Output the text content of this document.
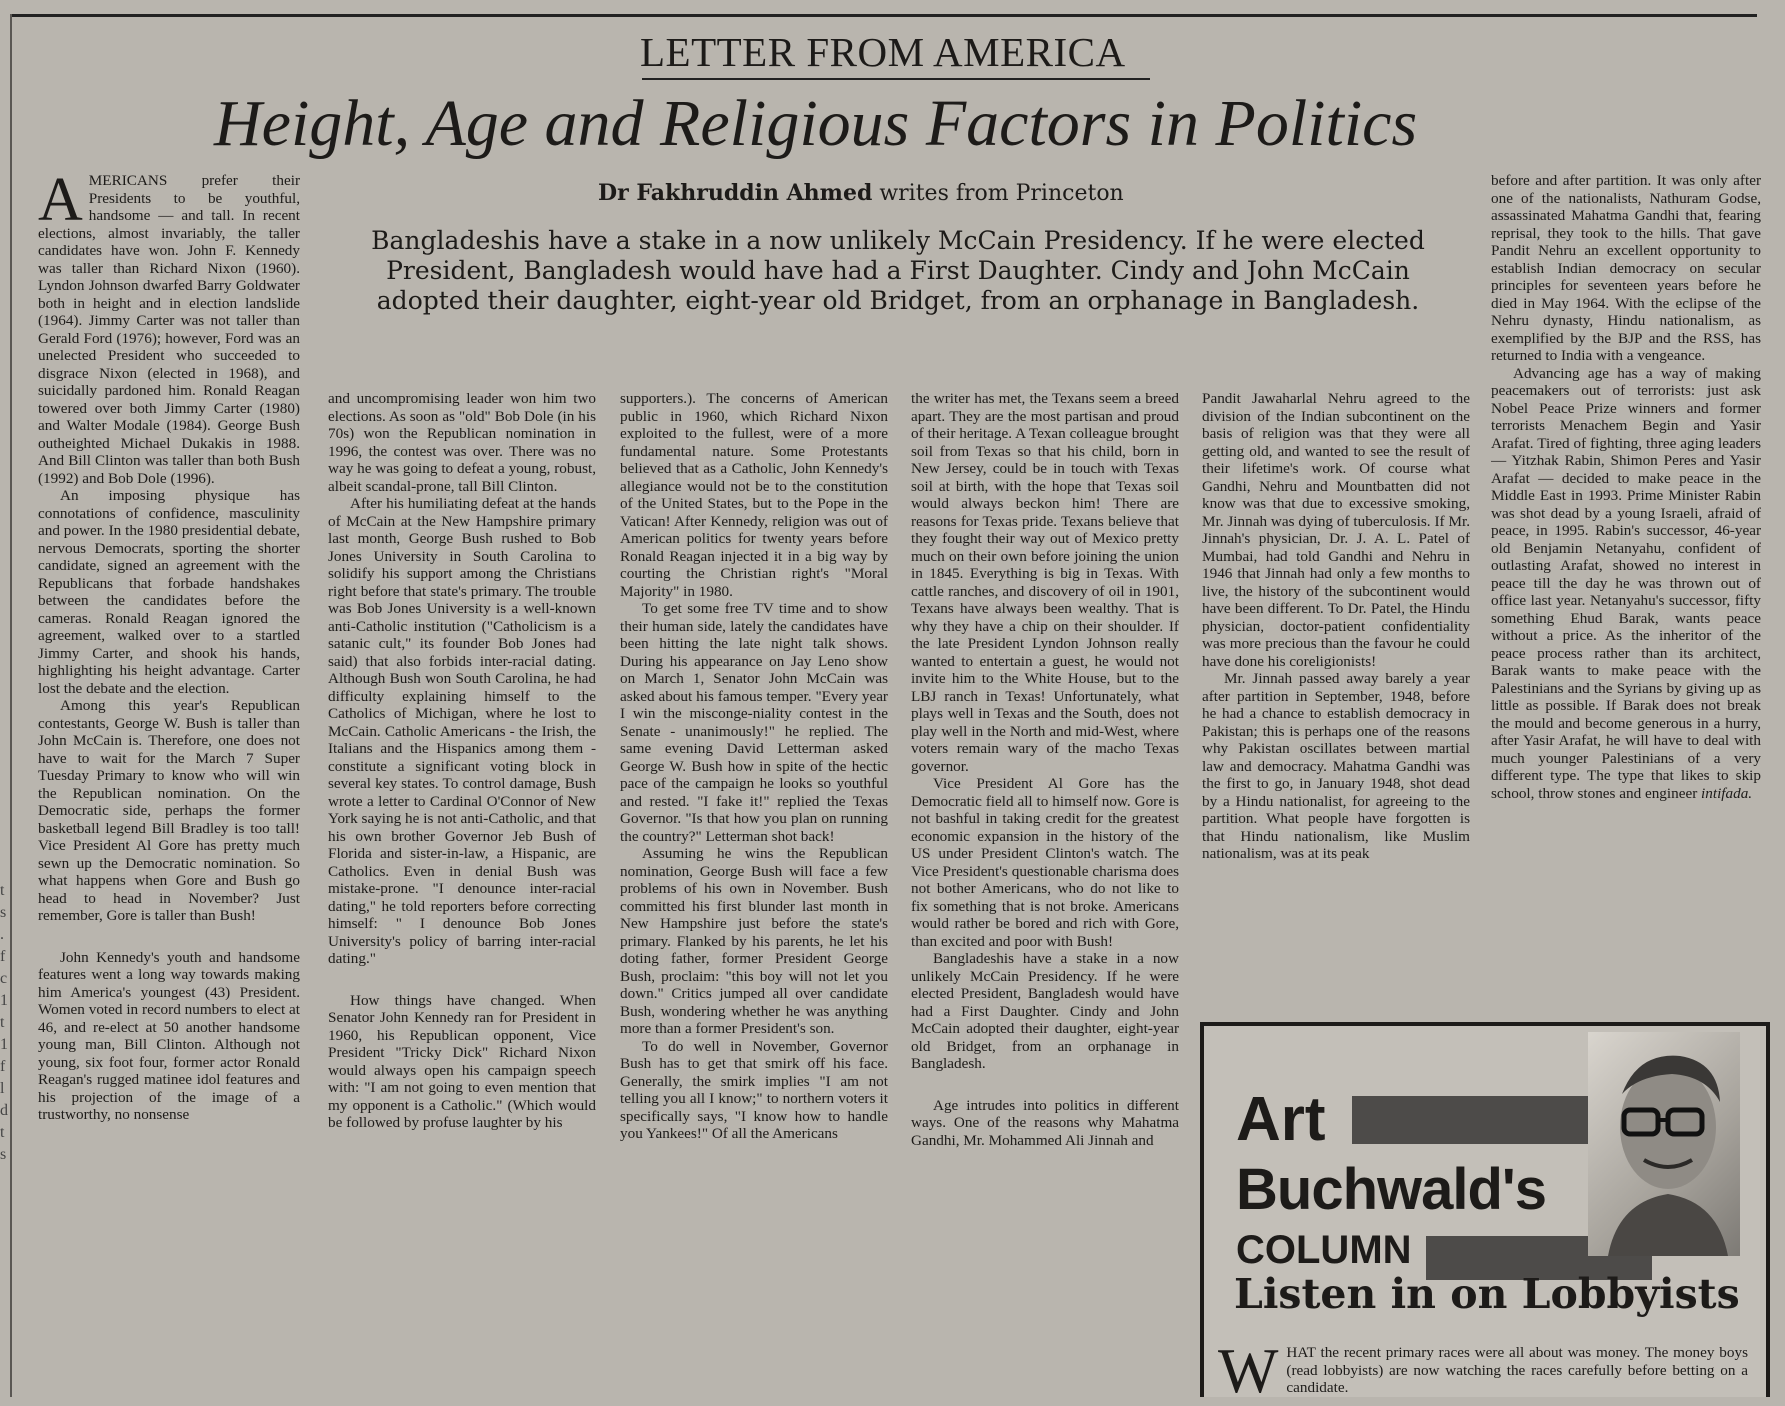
t
s
.
f
c
1
t
1
f
l
d
t
s
LETTER FROM AMERICA
Height, Age and Religious Factors in Politics
Dr Fakhruddin Ahmed writes from Princeton
Bangladeshis have a stake in a now unlikely McCain Presidency. If he were elected President, Bangladesh would have had a First Daughter. Cindy and John McCain adopted their daughter, eight-year old Bridget, from an orphanage in Bangladesh.

AMERICANS prefer their Presidents to be youthful, handsome — and tall. In recent elections, almost invariably, the taller candidates have won. John F. Kennedy was taller than Richard Nixon (1960). Lyndon Johnson dwarfed Barry Goldwater both in height and in election landslide (1964). Jimmy Carter was not taller than Gerald Ford (1976); however, Ford was an unelected President who succeeded to disgrace Nixon (elected in 1968), and suicidally pardoned him. Ronald Reagan towered over both Jimmy Carter (1980) and Walter Modale (1984). George Bush outheighted Michael Dukakis in 1988. And Bill Clinton was taller than both Bush (1992) and Bob Dole (1996).

An imposing physique has connotations of confidence, masculinity and power. In the 1980 presidential debate, nervous Democrats, sporting the shorter candidate, signed an agreement with the Republicans that forbade handshakes between the candidates before the cameras. Ronald Reagan ignored the agreement, walked over to a startled Jimmy Carter, and shook his hands, highlighting his height advantage. Carter lost the debate and the election.

Among this year's Republican contestants, George W. Bush is taller than John McCain is. Therefore, one does not have to wait for the March 7 Super Tuesday Primary to know who will win the Republican nomination. On the Democratic side, perhaps the former basketball legend Bill Bradley is too tall! Vice President Al Gore has pretty much sewn up the Democratic nomination. So what happens when Gore and Bush go head to head in November? Just remember, Gore is taller than Bush!

John Kennedy's youth and handsome features went a long way towards making him America's youngest (43) President. Women voted in record numbers to elect at 46, and re-elect at 50 another handsome young man, Bill Clinton. Although not young, six foot four, former actor Ronald Reagan's rugged matinee idol features and his projection of the image of a trustworthy, no nonsense

and uncompromising leader won him two elections. As soon as "old" Bob Dole (in his 70s) won the Republican nomination in 1996, the contest was over. There was no way he was going to defeat a young, robust, albeit scandal-prone, tall Bill Clinton.

After his humiliating defeat at the hands of McCain at the New Hampshire primary last month, George Bush rushed to Bob Jones University in South Carolina to solidify his support among the Christians right before that state's primary. The trouble was Bob Jones University is a well-known anti-Catholic institution ("Catholicism is a satanic cult," its founder Bob Jones had said) that also forbids inter-racial dating. Although Bush won South Carolina, he had difficulty explaining himself to the Catholics of Michigan, where he lost to McCain. Catholic Americans - the Irish, the Italians and the Hispanics among them - constitute a significant voting block in several key states. To control damage, Bush wrote a letter to Cardinal O'Connor of New York saying he is not anti-Catholic, and that his own brother Governor Jeb Bush of Florida and sister-in-law, a Hispanic, are Catholics. Even in denial Bush was mistake-prone. "I denounce inter-racial dating," he told reporters before correcting himself: " I denounce Bob Jones University's policy of barring inter-racial dating."

How things have changed. When Senator John Kennedy ran for President in 1960, his Republican opponent, Vice President "Tricky Dick" Richard Nixon would always open his campaign speech with: "I am not going to even mention that my opponent is a Catholic." (Which would be followed by profuse laughter by his

supporters.). The concerns of American public in 1960, which Richard Nixon exploited to the fullest, were of a more fundamental nature. Some Protestants believed that as a Catholic, John Kennedy's allegiance would not be to the constitution of the United States, but to the Pope in the Vatican! After Kennedy, religion was out of American politics for twenty years before Ronald Reagan injected it in a big way by courting the Christian right's "Moral Majority" in 1980.

To get some free TV time and to show their human side, lately the candidates have been hitting the late night talk shows. During his appearance on Jay Leno show on March 1, Senator John McCain was asked about his famous temper. "Every year I win the misconge-niality contest in the Senate - unanimously!" he replied. The same evening David Letterman asked George W. Bush how in spite of the hectic pace of the campaign he looks so youthful and rested. "I fake it!" replied the Texas Governor. "Is that how you plan on running the country?" Letterman shot back!

Assuming he wins the Republican nomination, George Bush will face a few problems of his own in November. Bush committed his first blunder last month in New Hampshire just before the state's primary. Flanked by his parents, he let his doting father, former President George Bush, proclaim: "this boy will not let you down." Critics jumped all over candidate Bush, wondering whether he was anything more than a former President's son.

To do well in November, Governor Bush has to get that smirk off his face. Generally, the smirk implies "I am not telling you all I know;" to northern voters it specifically says, "I know how to handle you Yankees!" Of all the Americans

the writer has met, the Texans seem a breed apart. They are the most partisan and proud of their heritage. A Texan colleague brought soil from Texas so that his child, born in New Jersey, could be in touch with Texas soil at birth, with the hope that Texas soil would always beckon him! There are reasons for Texas pride. Texans believe that they fought their way out of Mexico pretty much on their own before joining the union in 1845. Everything is big in Texas. With cattle ranches, and discovery of oil in 1901, Texans have always been wealthy. That is why they have a chip on their shoulder. If the late President Lyndon Johnson really wanted to entertain a guest, he would not invite him to the White House, but to the LBJ ranch in Texas! Unfortunately, what plays well in Texas and the South, does not play well in the North and mid-West, where voters remain wary of the macho Texas governor.

Vice President Al Gore has the Democratic field all to himself now. Gore is not bashful in taking credit for the greatest economic expansion in the history of the US under President Clinton's watch. The Vice President's questionable charisma does not bother Americans, who do not like to fix something that is not broke. Americans would rather be bored and rich with Gore, than excited and poor with Bush!

Bangladeshis have a stake in a now unlikely McCain Presidency. If he were elected President, Bangladesh would have had a First Daughter. Cindy and John McCain adopted their daughter, eight-year old Bridget, from an orphanage in Bangladesh.

Age intrudes into politics in different ways. One of the reasons why Mahatma Gandhi, Mr. Mohammed Ali Jinnah and

Pandit Jawaharlal Nehru agreed to the division of the Indian subcontinent on the basis of religion was that they were all getting old, and wanted to see the result of their lifetime's work. Of course what Gandhi, Nehru and Mountbatten did not know was that due to excessive smoking, Mr. Jinnah was dying of tuberculosis. If Mr. Jinnah's physician, Dr. J. A. L. Patel of Mumbai, had told Gandhi and Nehru in 1946 that Jinnah had only a few months to live, the history of the subcontinent would have been different. To Dr. Patel, the Hindu physician, doctor-patient confidentiality was more precious than the favour he could have done his coreligionists!

Mr. Jinnah passed away barely a year after partition in September, 1948, before he had a chance to establish democracy in Pakistan; this is perhaps one of the reasons why Pakistan oscillates between martial law and democracy. Mahatma Gandhi was the first to go, in January 1948, shot dead by a Hindu nationalist, for agreeing to the partition. What people have forgotten is that Hindu nationalism, like Muslim nationalism, was at its peak

before and after partition. It was only after one of the nationalists, Nathuram Godse, assassinated Mahatma Gandhi that, fearing reprisal, they took to the hills. That gave Pandit Nehru an excellent opportunity to establish Indian democracy on secular principles for seventeen years before he died in May 1964. With the eclipse of the Nehru dynasty, Hindu nationalism, as exemplified by the BJP and the RSS, has returned to India with a vengeance.

Advancing age has a way of making peacemakers out of terrorists: just ask Nobel Peace Prize winners and former terrorists Menachem Begin and Yasir Arafat. Tired of fighting, three aging leaders — Yitzhak Rabin, Shimon Peres and Yasir Arafat — decided to make peace in the Middle East in 1993. Prime Minister Rabin was shot dead by a young Israeli, afraid of peace, in 1995. Rabin's successor, 46-year old Benjamin Netanyahu, confident of outlasting Arafat, showed no interest in peace till the day he was thrown out of office last year. Netanyahu's successor, fifty something Ehud Barak, wants peace without a price. As the inheritor of the peace process rather than its architect, Barak wants to make peace with the Palestinians and the Syrians by giving up as little as possible. If Barak does not break the mould and become generous in a hurry, after Yasir Arafat, he will have to deal with much younger Palestinians of a very different type. The type that likes to skip school, throw stones and engineer intifada.

Art
Buchwald's
COLUMN
Listen in on Lobbyists
WHAT the recent primary races were all about was money. The money boys (read lobbyists) are now watching the races carefully before betting on a candidate.
